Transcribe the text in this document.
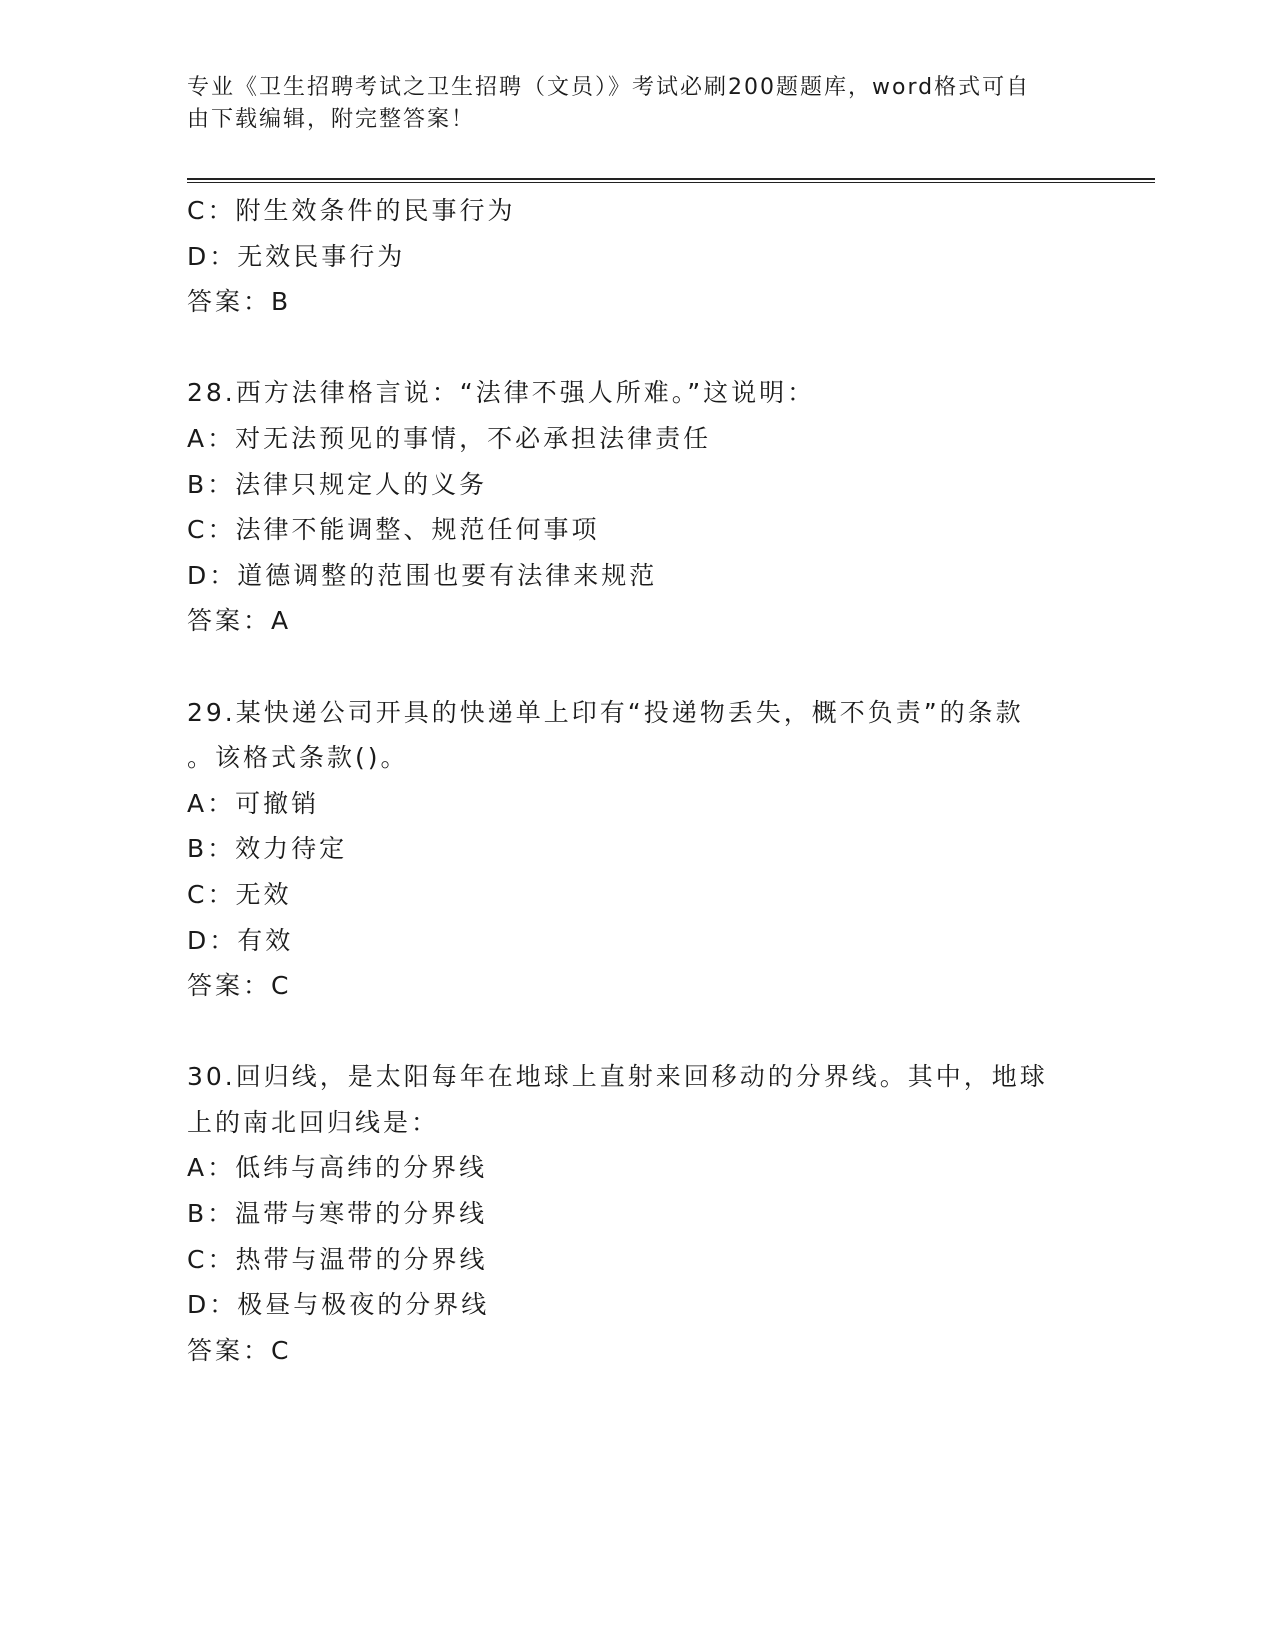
专业《卫生招聘考试之卫生招聘（文员）》考试必刷200题题库，word格式可自
由下载编辑，附完整答案！
C：附生效条件的民事行为
D：无效民事行为
答案：B
28.西方法律格言说：“法律不强人所难。”这说明：
A：对无法预见的事情，不必承担法律责任
B：法律只规定人的义务
C：法律不能调整、规范任何事项
D：道德调整的范围也要有法律来规范
答案：A
29.某快递公司开具的快递单上印有“投递物丢失，概不负责”的条款
。该格式条款()。
A：可撤销
B：效力待定
C：无效
D：有效
答案：C
30.回归线，是太阳每年在地球上直射来回移动的分界线。其中，地球
上的南北回归线是：
A：低纬与高纬的分界线
B：温带与寒带的分界线
C：热带与温带的分界线
D：极昼与极夜的分界线
答案：C
